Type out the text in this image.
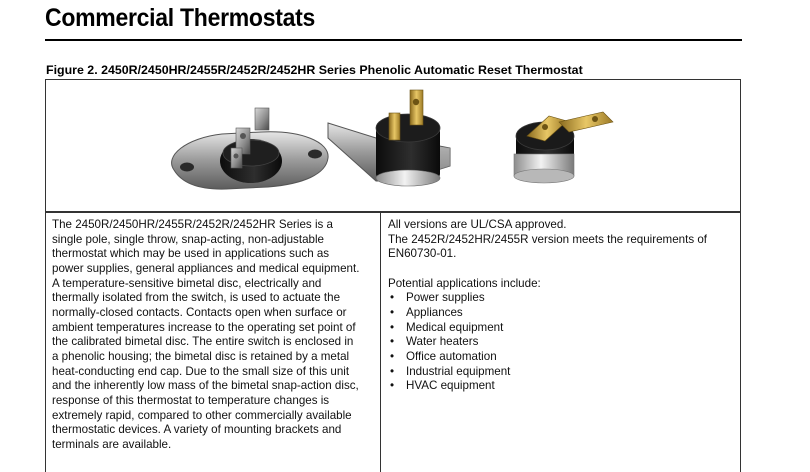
Commercial Thermostats
Figure 2. 2450R/2450HR/2455R/2452R/2452HR Series Phenolic Automatic Reset Thermostat
The 2450R/2450HR/2455R/2452R/2452HR Series is a
single pole, single throw, snap-acting, non-adjustable
thermostat which may be used in applications such as
power supplies, general appliances and medical equipment.
A temperature-sensitive bimetal disc, electrically and
thermally isolated from the switch, is used to actuate the
normally-closed contacts. Contacts open when surface or
ambient temperatures increase to the operating set point of
the calibrated bimetal disc. The entire switch is enclosed in
a phenolic housing; the bimetal disc is retained by a metal
heat-conducting end cap. Due to the small size of this unit
and the inherently low mass of the bimetal snap-action disc,
response of this thermostat to temperature changes is
extremely rapid, compared to other commercially available
thermostatic devices. A variety of mounting brackets and
terminals are available.
All versions are UL/CSA approved.
The 2452R/2452HR/2455R version meets the requirements of
EN60730-01.
Potential applications include:
• Power supplies
• Appliances
• Medical equipment
• Water heaters
• Office automation
• Industrial equipment
• HVAC equipment
